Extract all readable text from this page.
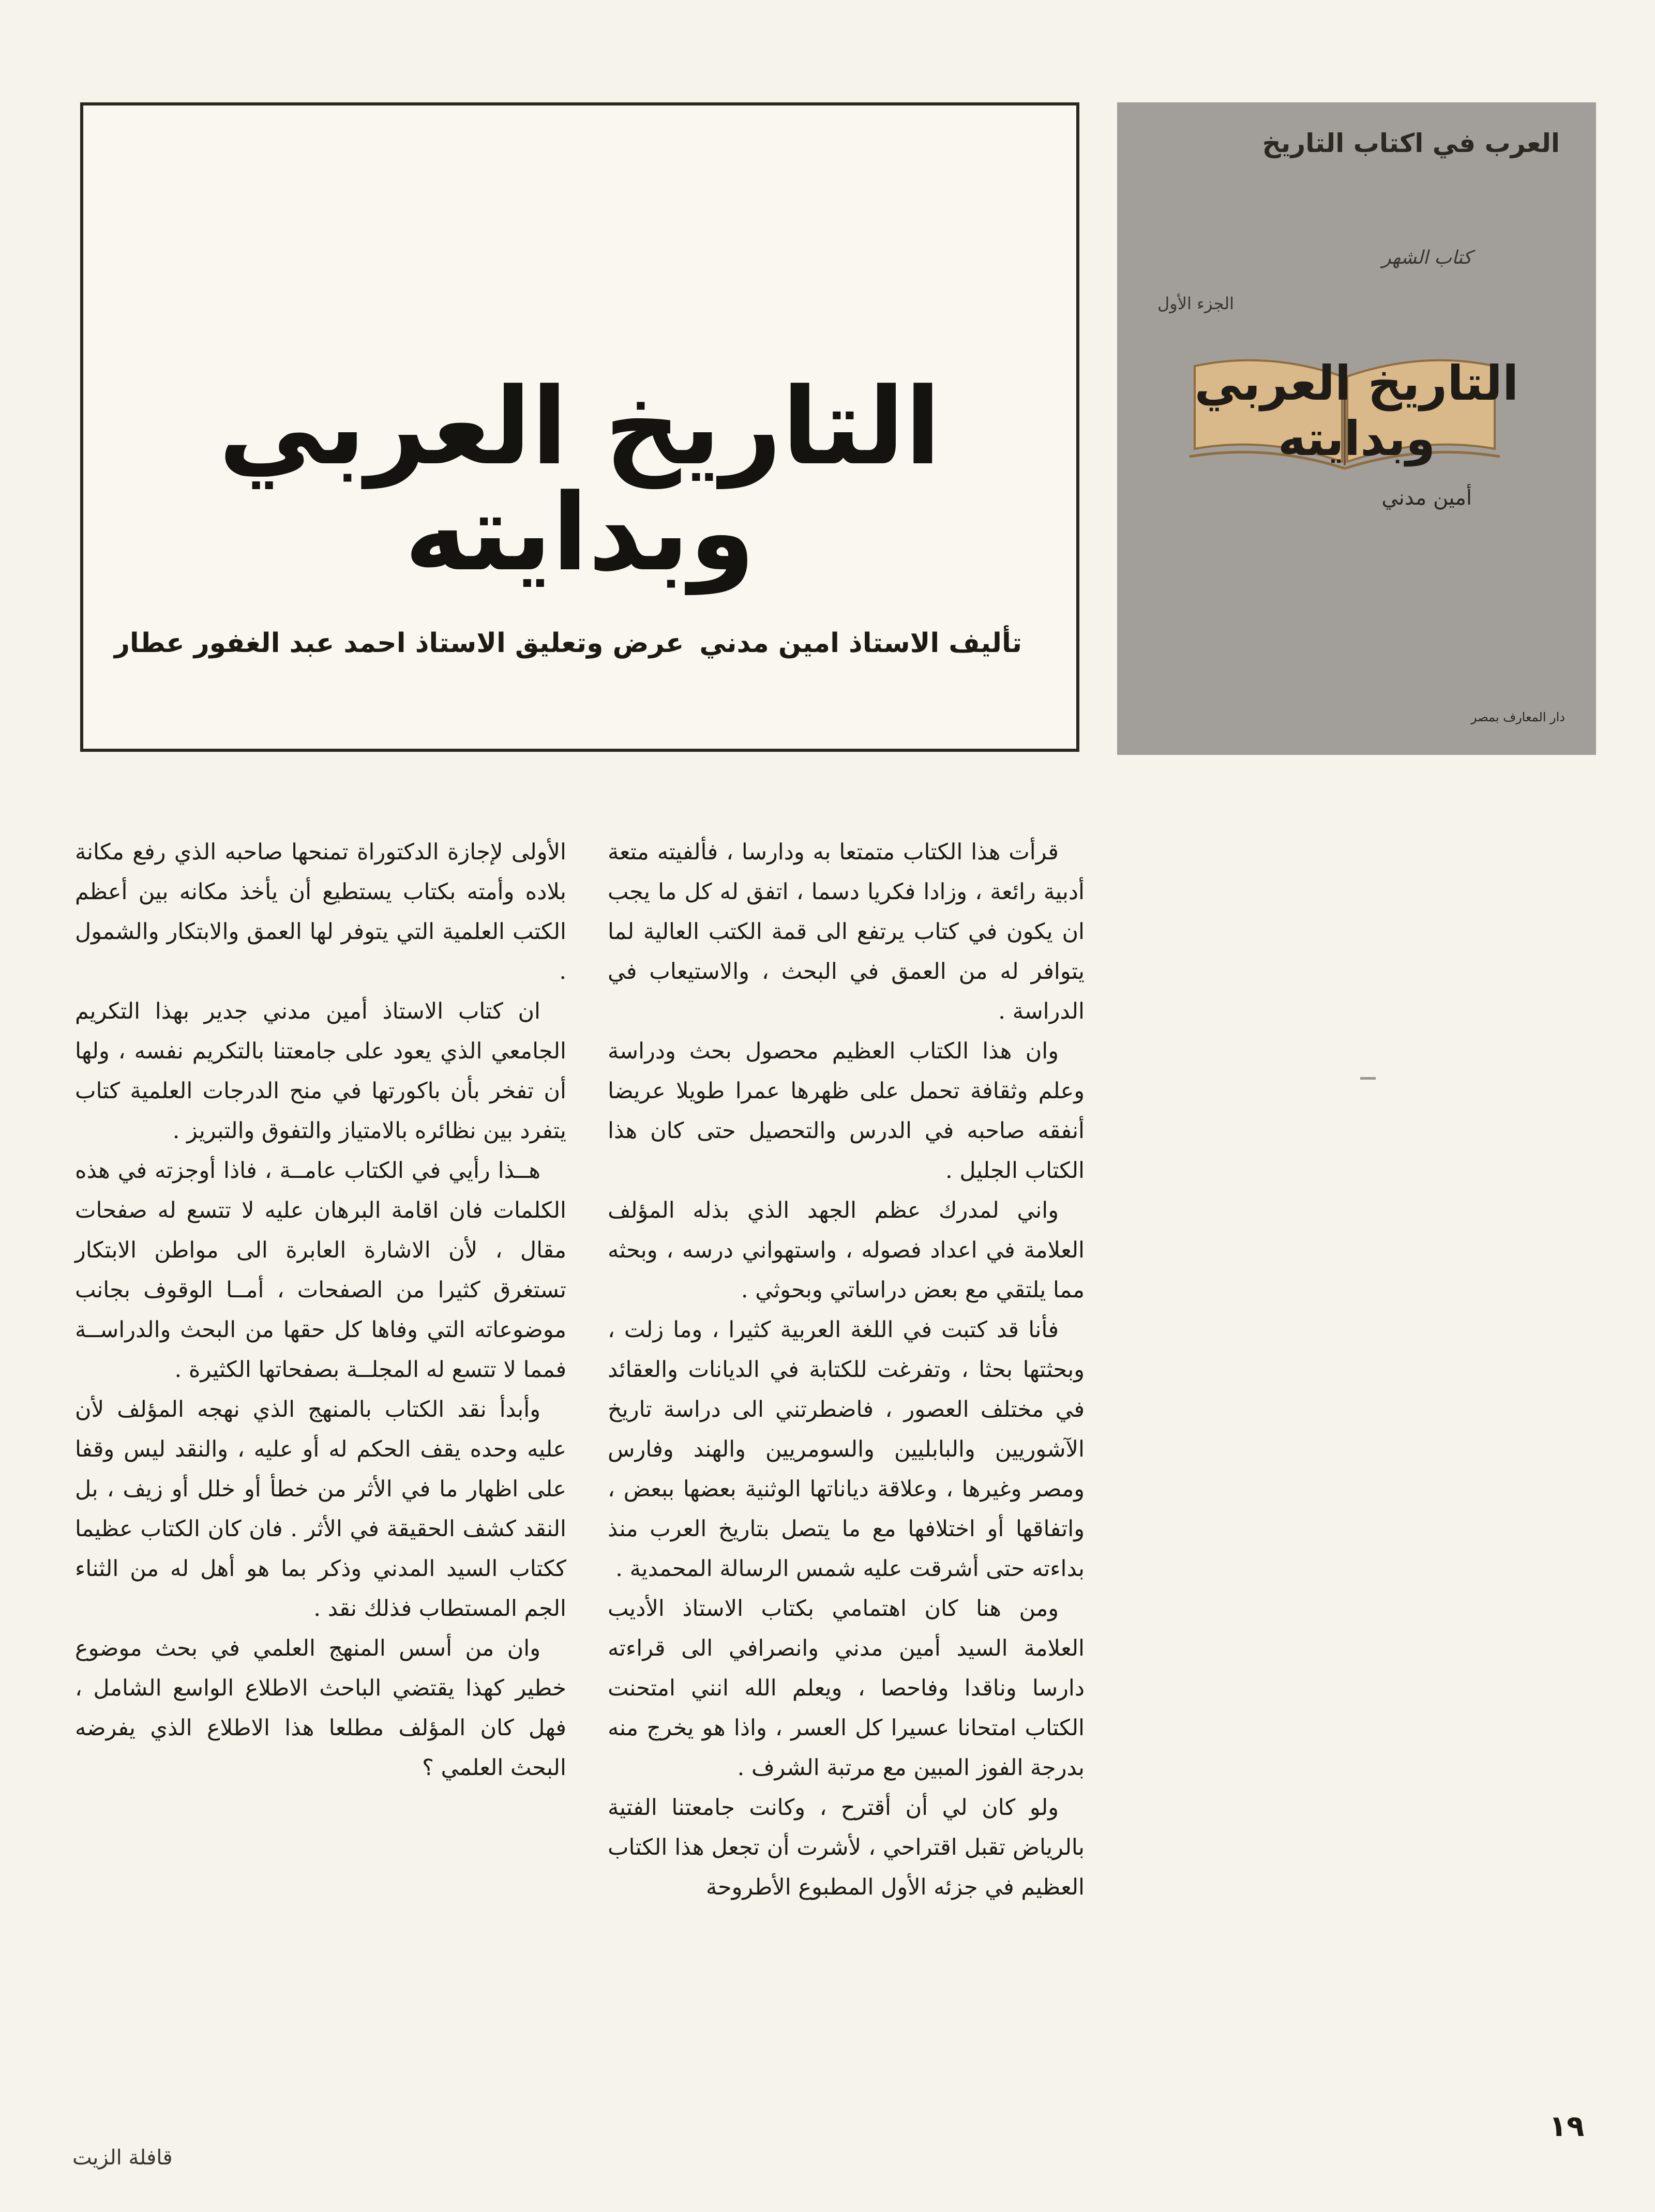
التاريخ العربي وبدايته
تأليف الاستاذ امين مدني
عرض وتعليق الاستاذ احمد عبد الغفور عطار
العرب في اكتاب التاريخ
كتاب الشهر
الجزء الأول
التاريخ العربي وبدايته
أمين مدني
دار المعارف بمصر

قرأت هذا الكتاب متمتعا به ودارسا ، فألفيته متعة أدبية رائعة ، وزادا فكريا دسما ، اتفق له كل ما يجب ان يكون في كتاب يرتفع الى قمة الكتب العالية لما يتوافر له من العمق في البحث ، والاستيعاب في الدراسة .

وان هذا الكتاب العظيم محصول بحث ودراسة وعلم وثقافة تحمل على ظهرها عمرا طويلا عريضا أنفقه صاحبه في الدرس والتحصيل حتى كان هذا الكتاب الجليل .

واني لمدرك عظم الجهد الذي بذله المؤلف العلامة في اعداد فصوله ، واستهواني درسه ، وبحثه مما يلتقي مع بعض دراساتي وبحوثي .

فأنا قد كتبت في اللغة العربية كثيرا ، وما زلت ، وبحثتها بحثا ، وتفرغت للكتابة في الديانات والعقائد في مختلف العصور ، فاضطرتني الى دراسة تاريخ الآشوريين والبابليين والسومريين والهند وفارس ومصر وغيرها ، وعلاقة دياناتها الوثنية بعضها ببعض ، واتفاقها أو اختلافها مع ما يتصل بتاريخ العرب منذ بداءته حتى أشرقت عليه شمس الرسالة المحمدية .

ومن هنا كان اهتمامي بكتاب الاستاذ الأديب العلامة السيد أمين مدني وانصرافي الى قراءته دارسا وناقدا وفاحصا ، ويعلم الله انني امتحنت الكتاب امتحانا عسيرا كل العسر ، واذا هو يخرج منه بدرجة الفوز المبين مع مرتبة الشرف .

ولو كان لي أن أقترح ، وكانت جامعتنا الفتية بالرياض تقبل اقتراحي ، لأشرت أن تجعل هذا الكتاب العظيم في جزئه الأول المطبوع الأطروحة

الأولى لإجازة الدكتوراة تمنحها صاحبه الذي رفع مكانة بلاده وأمته بكتاب يستطيع أن يأخذ مكانه بين أعظم الكتب العلمية التي يتوفر لها العمق والابتكار والشمول .

ان كتاب الاستاذ أمين مدني جدير بهذا التكريم الجامعي الذي يعود على جامعتنا بالتكريم نفسه ، ولها أن تفخر بأن باكورتها في منح الدرجات العلمية كتاب يتفرد بين نظائره بالامتياز والتفوق والتبريز .

هــذا رأيي في الكتاب عامــة ، فاذا أوجزته في هذه الكلمات فان اقامة البرهان عليه لا تتسع له صفحات مقال ، لأن الاشارة العابرة الى مواطن الابتكار تستغرق كثيرا من الصفحات ، أمــا الوقوف بجانب موضوعاته التي وفاها كل حقها من البحث والدراســة فمما لا تتسع له المجلــة بصفحاتها الكثيرة .

وأبدأ نقد الكتاب بالمنهج الذي نهجه المؤلف لأن عليه وحده يقف الحكم له أو عليه ، والنقد ليس وقفا على اظهار ما في الأثر من خطأ أو خلل أو زيف ، بل النقد كشف الحقيقة في الأثر . فان كان الكتاب عظيما ككتاب السيد المدني وذكر بما هو أهل له من الثناء الجم المستطاب فذلك نقد .

وان من أسس المنهج العلمي في بحث موضوع خطير كهذا يقتضي الباحث الاطلاع الواسع الشامل ، فهل كان المؤلف مطلعا هذا الاطلاع الذي يفرضه البحث العلمي ؟

١٩
قافلة الزيت
